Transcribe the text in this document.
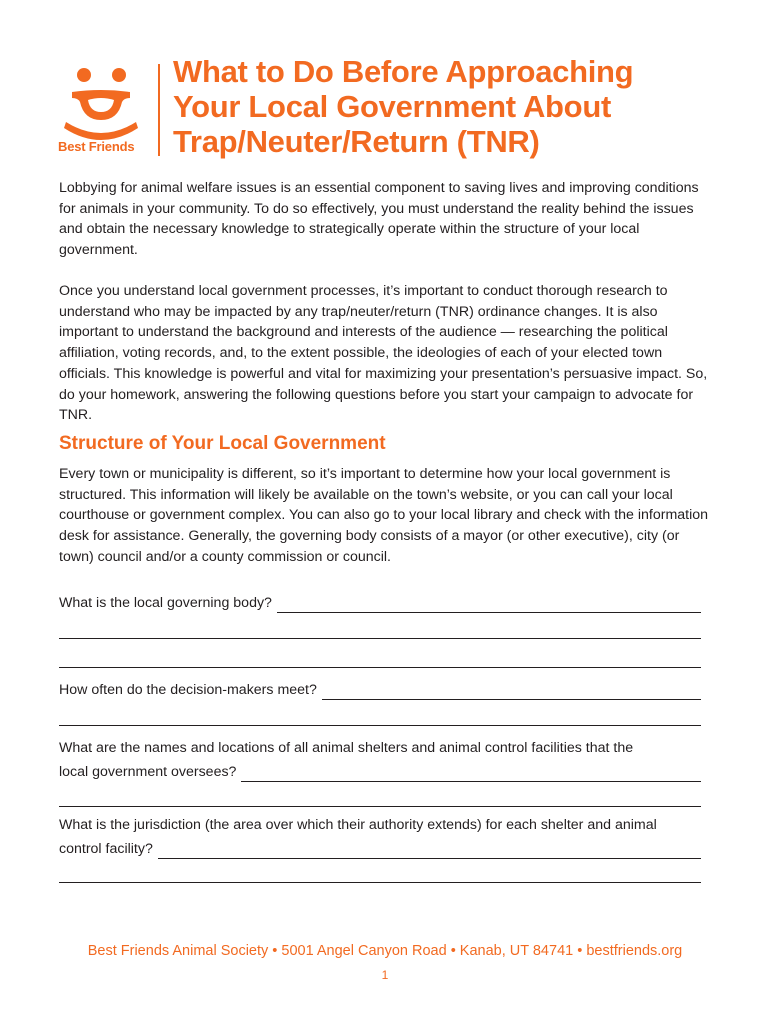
Best Friends
What to Do Before Approaching
Your Local Government About
Trap/Neuter/Return (TNR)

Lobbying for animal welfare issues is an essential component to saving lives and improving conditions for animals in your community. To do so effectively, you must understand the reality behind the issues and obtain the necessary knowledge to strategically operate within the structure of your local government.

Once you understand local government processes, it’s important to conduct thorough research to understand who may be impacted by any trap/neuter/return (TNR) ordinance changes. It is also important to understand the background and interests of the audience — researching the political affiliation, voting records, and, to the extent possible, the ideologies of each of your elected town officials. This knowledge is powerful and vital for maximizing your presentation’s persuasive impact. So, do your homework, answering the following questions before you start your campaign to advocate for TNR.

Structure of Your Local Government

Every town or municipality is different, so it’s important to determine how your local government is structured. This information will likely be available on the town’s website, or you can call your local courthouse or government complex. You can also go to your local library and check with the information desk for assistance. Generally, the governing body consists of a mayor (or other executive), city (or town) council and/or a county commission or council.

What is the local governing body?
How often do the decision-makers meet?
What are the names and locations of all animal shelters and animal control facilities that the
local government oversees?
What is the jurisdiction (the area over which their authority extends) for each shelter and animal
control facility?
Best Friends Animal Society • 5001 Angel Canyon Road • Kanab, UT 84741 • bestfriends.org
1
